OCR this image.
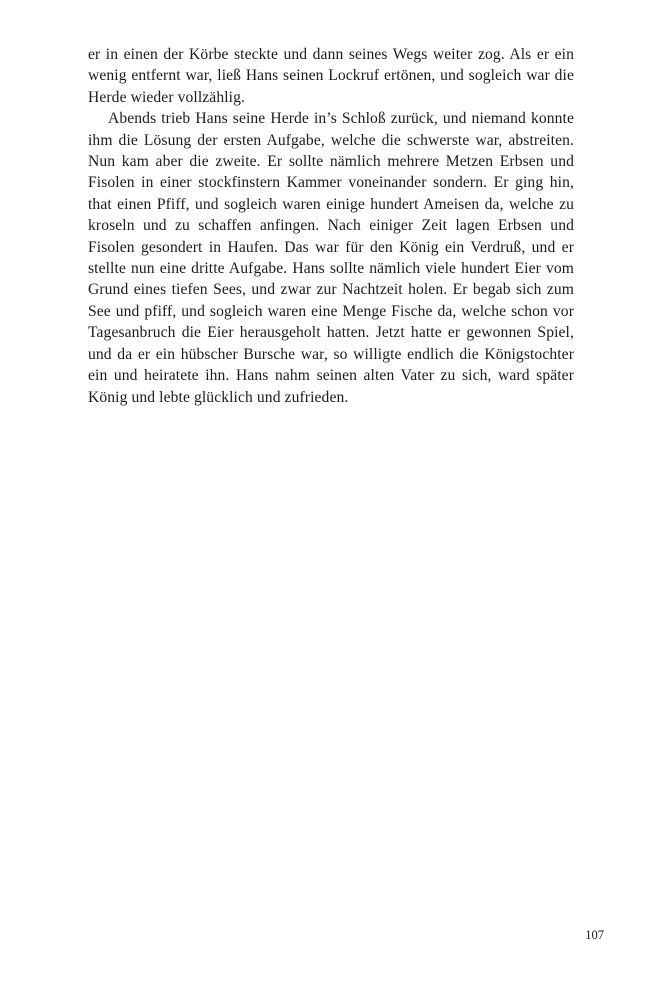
er in einen der Körbe steckte und dann seines Wegs weiter zog. Als er ein wenig entfernt war, ließ Hans seinen Lockruf ertönen, und sogleich war die Herde wieder vollzählig.

Abends trieb Hans seine Herde in’s Schloß zurück, und niemand konnte ihm die Lösung der ersten Aufgabe, welche die schwerste war, abstreiten. Nun kam aber die zweite. Er sollte nämlich mehrere Metzen Erbsen und Fisolen in einer stockfinstern Kammer voneinander sondern. Er ging hin, that einen Pfiff, und sogleich waren einige hundert Ameisen da, welche zu kroseln und zu schaffen anfingen. Nach einiger Zeit lagen Erbsen und Fisolen gesondert in Haufen. Das war für den König ein Verdruß, und er stellte nun eine dritte Aufgabe. Hans sollte nämlich viele hundert Eier vom Grund eines tiefen Sees, und zwar zur Nachtzeit holen. Er begab sich zum See und pfiff, und sogleich waren eine Menge Fische da, welche schon vor Tagesanbruch die Eier herausgeholt hatten. Jetzt hatte er gewonnen Spiel, und da er ein hübscher Bursche war, so willigte endlich die Königstochter ein und heiratete ihn. Hans nahm seinen alten Vater zu sich, ward später König und lebte glücklich und zufrieden.

107
